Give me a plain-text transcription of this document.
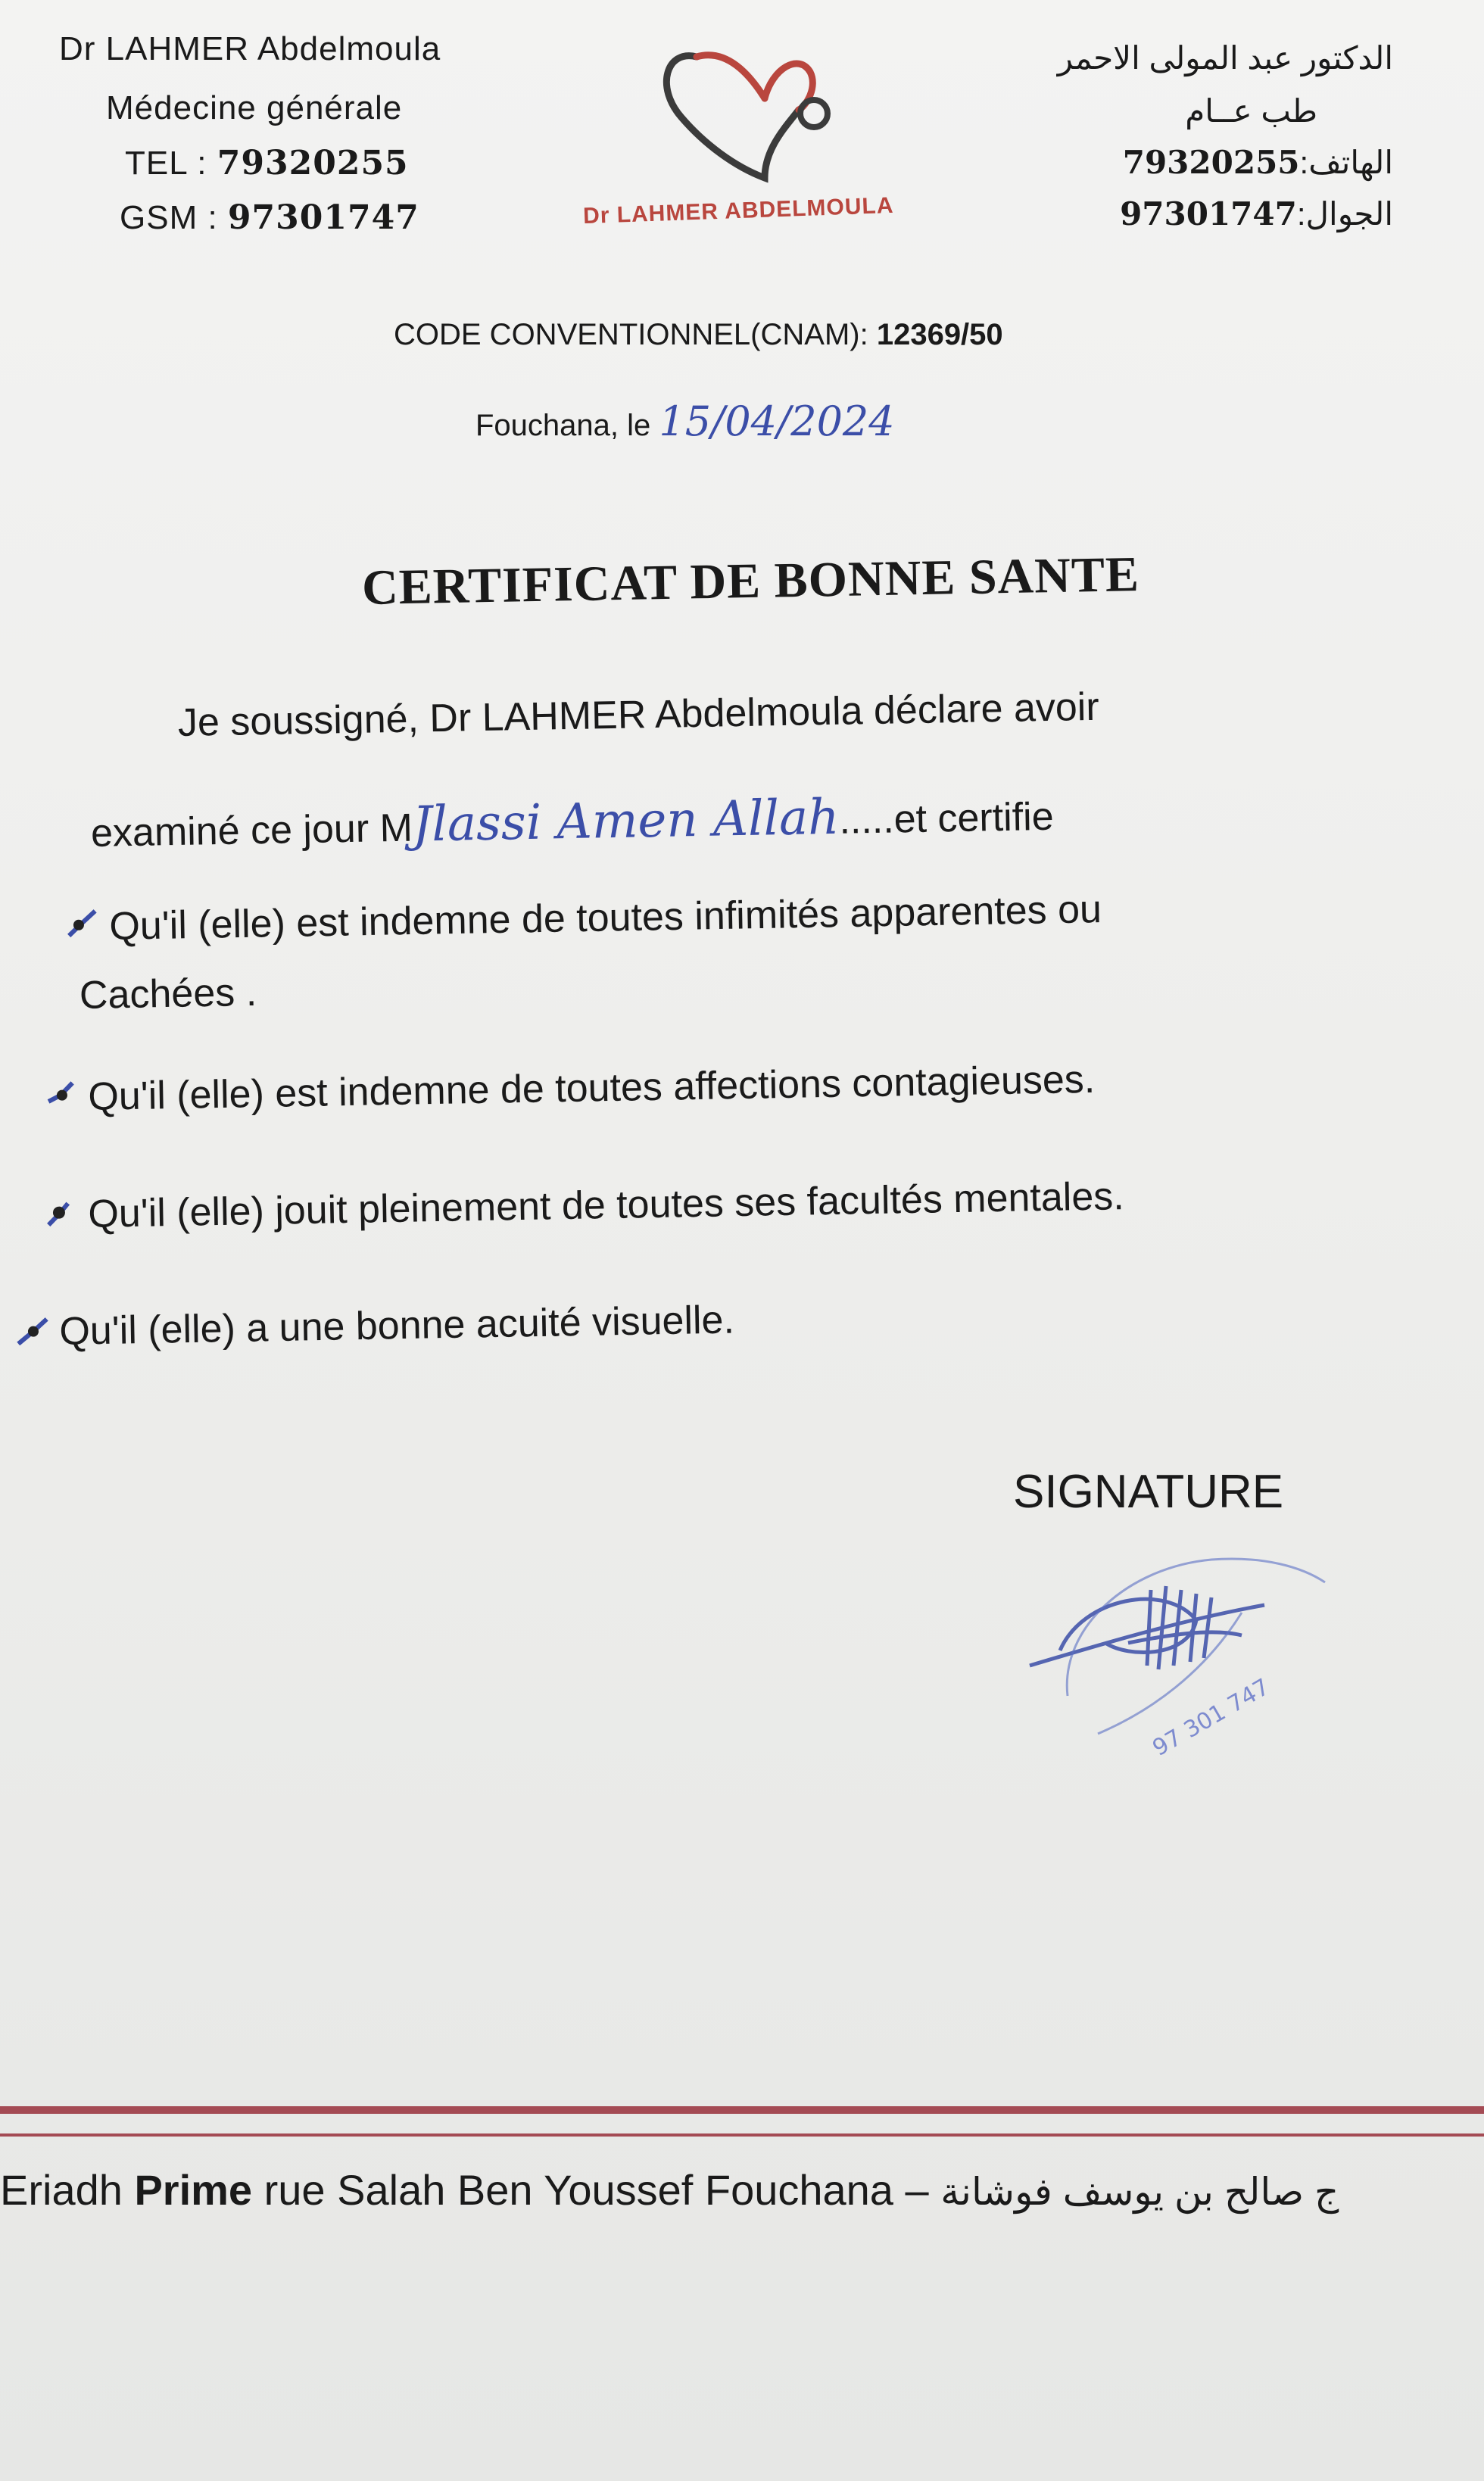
Dr LAHMER Abdelmoula
Médecine générale
TEL : 79320255
GSM : 97301747	Dr LAHMER ABDELMOULA
الدكتور عبد المولى الاحمر
طب عــام
79320255:الهاتف
97301747:الجوال
CODE CONVENTIONNEL(CNAM): 12369/50
Fouchana, le 15/04/2024
CERTIFICAT DE BONNE SANTE
Je soussigné, Dr LAHMER Abdelmoula déclare avoir
examiné ce jour MJlassi Amen Allah.....et certifie
Qu'il (elle) est indemne de toutes infimités apparentes ou
Cachées .
Qu'il (elle) est indemne de toutes affections contagieuses.
Qu'il (elle) jouit pleinement de toutes ses facultés mentales.
Qu'il (elle) a une bonne acuité visuelle.
SIGNATURE
97 301 747
Eriadh Prime rue Salah Ben Youssef Fouchana – ج صالح بن يوسف فوشانة
